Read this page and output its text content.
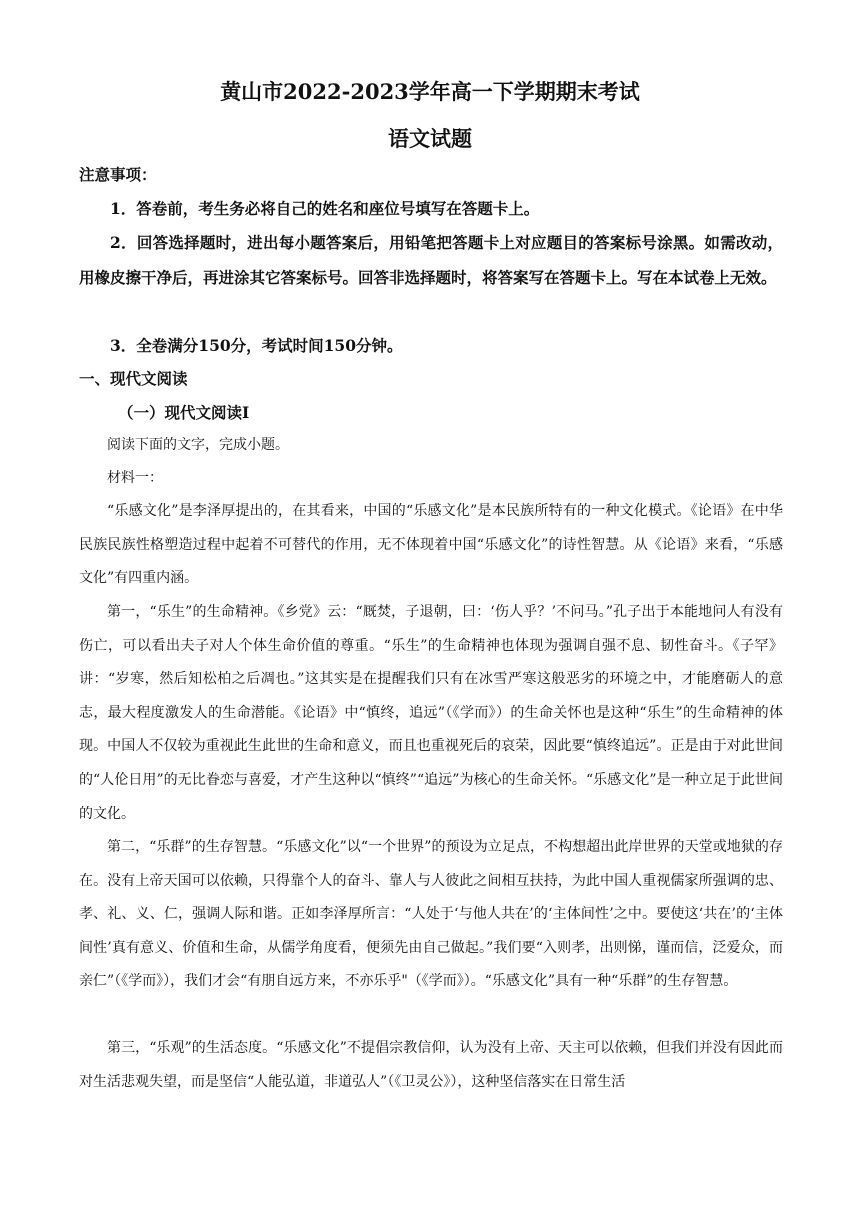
黄山市2022-2023学年高一下学期期末考试
语文试题
注意事项：

1．答卷前，考生务必将自己的姓名和座位号填写在答题卡上。

2．回答选择题时，进出每小题答案后，用铅笔把答题卡上对应题目的答案标号涂黑。如需改动，用橡皮擦干净后，再进涂其它答案标号。回答非选择题时，将答案写在答题卡上。写在本试卷上无效。

3．全卷满分150分，考试时间150分钟。

一、现代文阅读
（一）现代文阅读Ⅰ
阅读下面的文字，完成小题。
材料一：

“乐感文化”是李泽厚提出的，在其看来，中国的“乐感文化”是本民族所特有的一种文化模式。《论语》在中华民族民族性格塑造过程中起着不可替代的作用，无不体现着中国“乐感文化”的诗性智慧。从《论语》来看，“乐感文化”有四重内涵。

第一，“乐生”的生命精神。《乡党》云：“厩焚，子退朝，曰：‘伤人乎？’不问马。”孔子出于本能地问人有没有伤亡，可以看出夫子对人个体生命价值的尊重。“乐生”的生命精神也体现为强调自强不息、韧性奋斗。《子罕》讲：“岁寒，然后知松柏之后凋也。”这其实是在提醒我们只有在冰雪严寒这般恶劣的环境之中，才能磨砺人的意志，最大程度激发人的生命潜能。《论语》中“慎终，追远”（《学而》）的生命关怀也是这种“乐生”的生命精神的体现。中国人不仅较为重视此生此世的生命和意义，而且也重视死后的哀荣，因此要“慎终追远”。正是由于对此世间的“人伦日用”的无比眷恋与喜爱，才产生这种以“慎终”“追远”为核心的生命关怀。“乐感文化”是一种立足于此世间的文化。

第二，“乐群”的生存智慧。“乐感文化”以“一个世界”的预设为立足点，不构想超出此岸世界的天堂或地狱的存在。没有上帝天国可以依赖，只得靠个人的奋斗、靠人与人彼此之间相互扶持，为此中国人重视儒家所强调的忠、孝、礼、义、仁，强调人际和谐。正如李泽厚所言：“人处于‘与他人共在’的‘主体间性’之中。要使这‘共在’的‘主体间性’真有意义、价值和生命，从儒学角度看，便须先由自己做起。”我们要“入则孝，出则悌，谨而信，泛爱众，而亲仁”（《学而》），我们才会“有朋自远方来，不亦乐乎"（《学而》）。“乐感文化”具有一种“乐群”的生存智慧。

第三，“乐观”的生活态度。“乐感文化”不提倡宗教信仰，认为没有上帝、天主可以依赖，但我们并没有因此而对生活悲观失望，而是坚信“人能弘道，非道弘人”（《卫灵公》），这种坚信落实在日常生活
